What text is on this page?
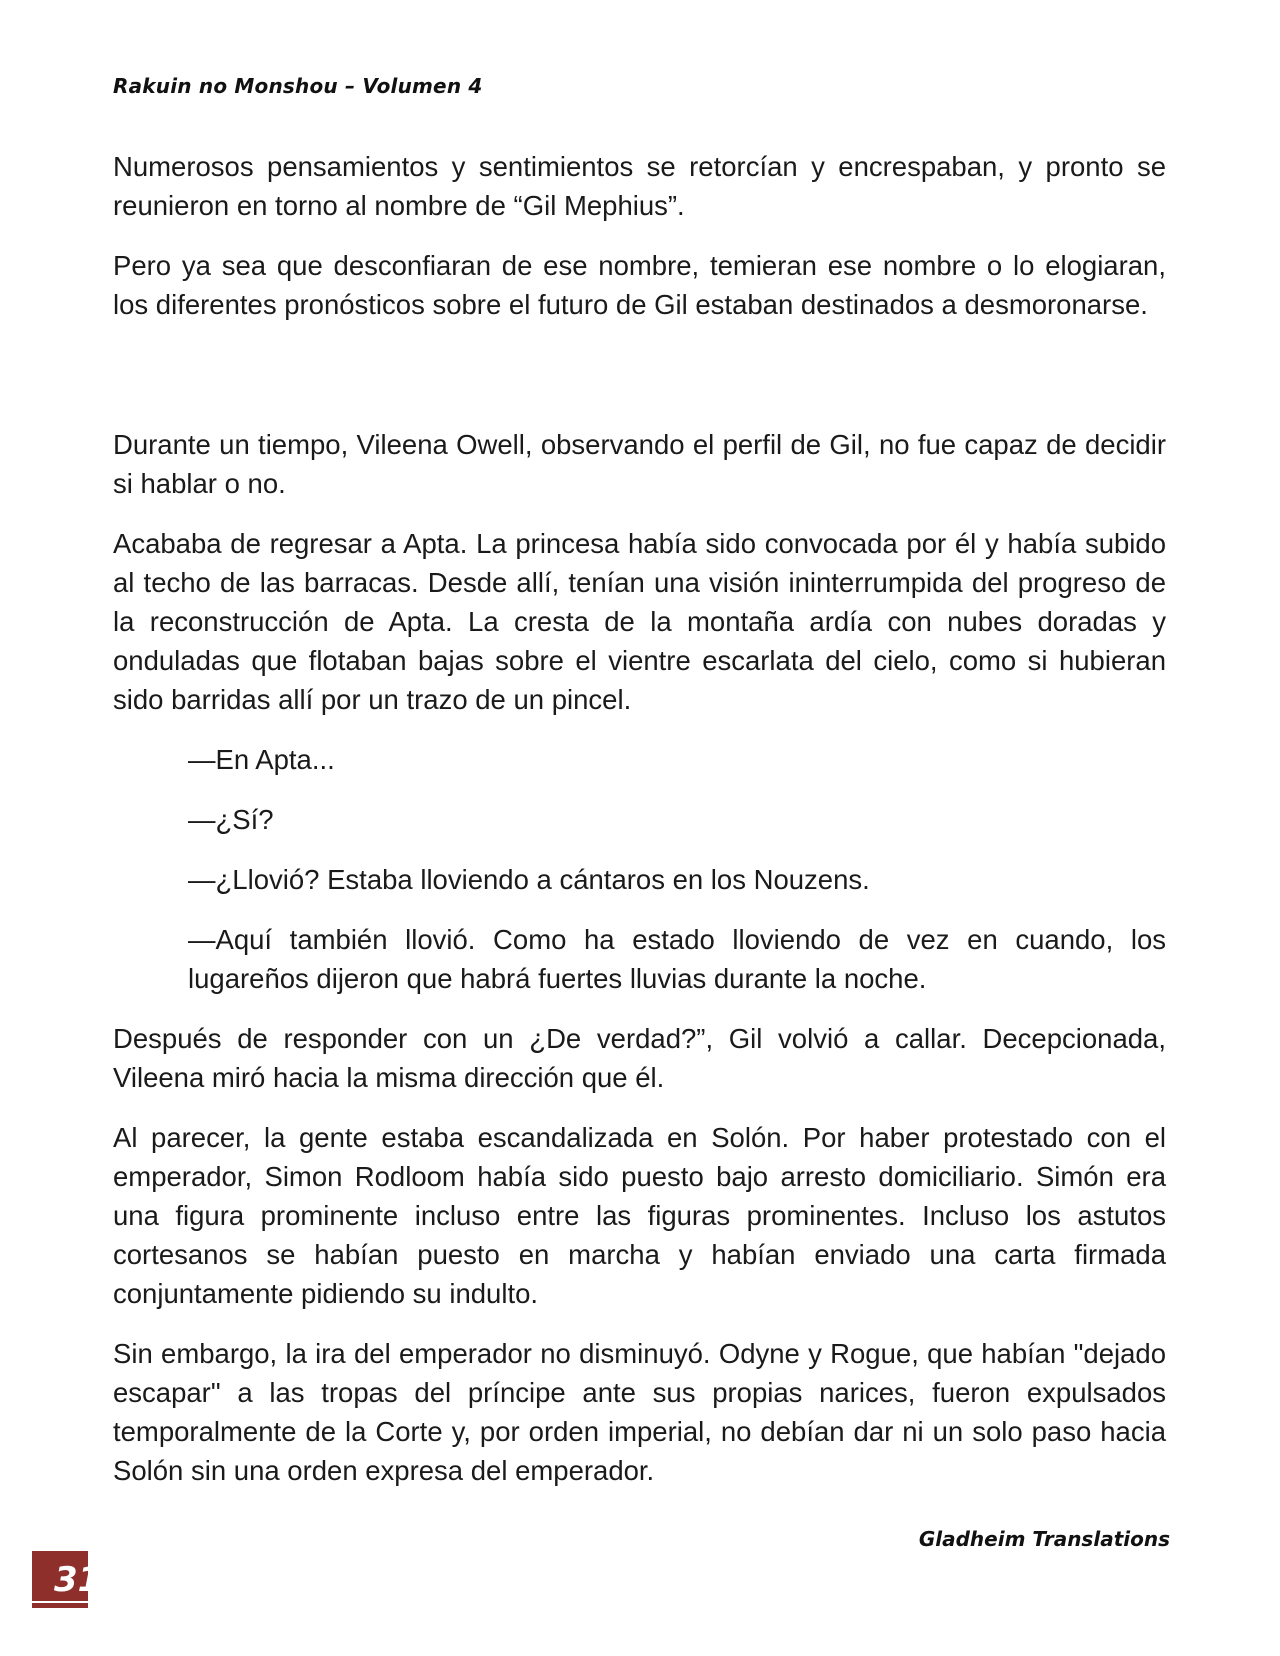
Rakuin no Monshou – Volumen 4

Numerosos pensamientos y sentimientos se retorcían y encrespaban, y pronto se reunieron en torno al nombre de “Gil Mephius”.

Pero ya sea que desconfiaran de ese nombre, temieran ese nombre o lo elogiaran, los diferentes pronósticos sobre el futuro de Gil estaban destinados a desmoronarse.

Durante un tiempo, Vileena Owell, observando el perfil de Gil, no fue capaz de decidir si hablar o no.

Acababa de regresar a Apta. La princesa había sido convocada por él y había subido al techo de las barracas. Desde allí, tenían una visión ininterrumpida del progreso de la reconstrucción de Apta. La cresta de la montaña ardía con nubes doradas y onduladas que flotaban bajas sobre el vientre escarlata del cielo, como si hubieran sido barridas allí por un trazo de un pincel.

—En Apta...

—¿Sí?

—¿Llovió? Estaba lloviendo a cántaros en los Nouzens.

—Aquí también llovió. Como ha estado lloviendo de vez en cuando, los lugareños dijeron que habrá fuertes lluvias durante la noche.

Después de responder con un ¿De verdad?”, Gil volvió a callar. Decepcionada, Vileena miró hacia la misma dirección que él.

Al parecer, la gente estaba escandalizada en Solón. Por haber protestado con el emperador, Simon Rodloom había sido puesto bajo arresto domiciliario. Simón era una figura prominente incluso entre las figuras prominentes. Incluso los astutos cortesanos se habían puesto en marcha y habían enviado una carta firmada conjuntamente pidiendo su indulto.

Sin embargo, la ira del emperador no disminuyó. Odyne y Rogue, que habían "dejado escapar" a las tropas del príncipe ante sus propias narices, fueron expulsados temporalmente de la Corte y, por orden imperial, no debían dar ni un solo paso hacia Solón sin una orden expresa del emperador.

Gladheim Translations
31
